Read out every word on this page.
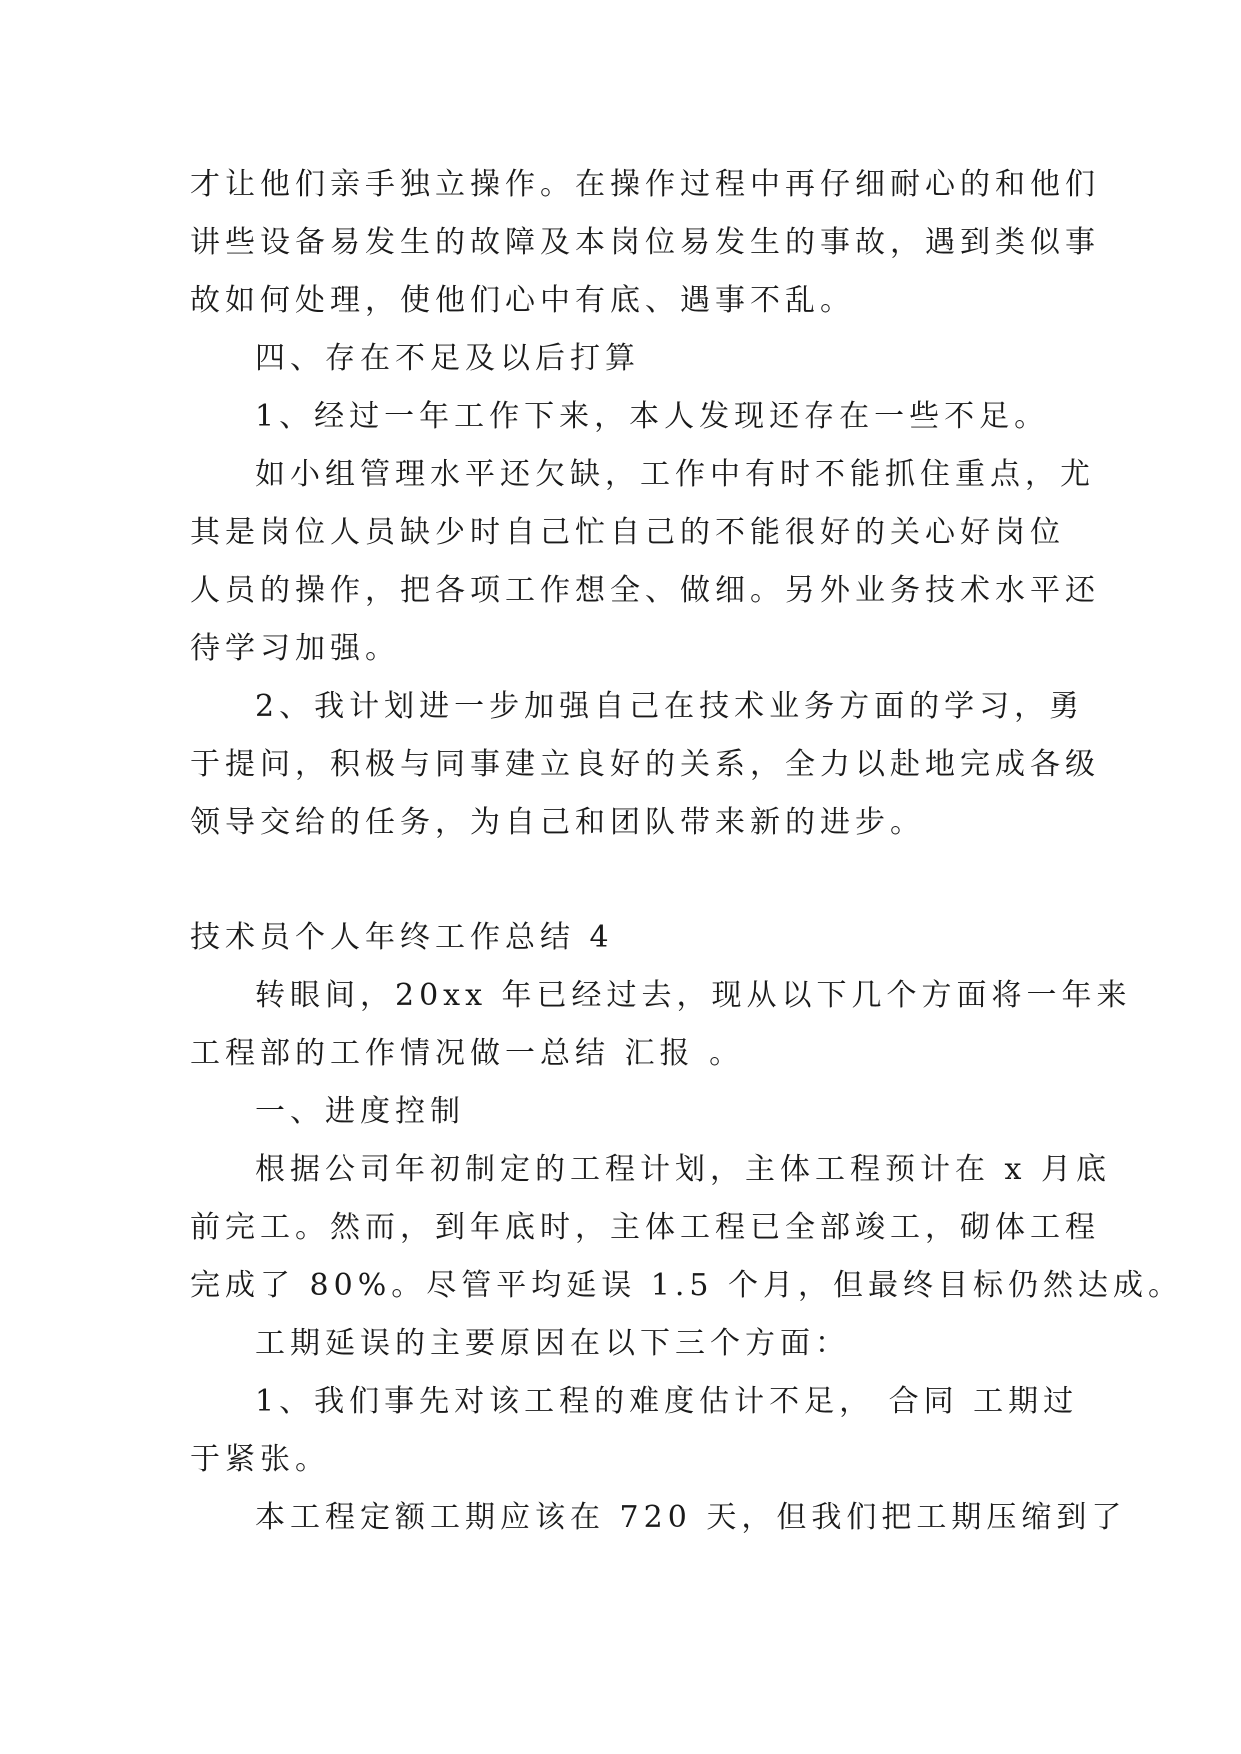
才让他们亲手独立操作。在操作过程中再仔细耐心的和他们
讲些设备易发生的故障及本岗位易发生的事故，遇到类似事
故如何处理，使他们心中有底、遇事不乱。
四、存在不足及以后打算
1、经过一年工作下来，本人发现还存在一些不足。
如小组管理水平还欠缺，工作中有时不能抓住重点，尤
其是岗位人员缺少时自己忙自己的不能很好的关心好岗位
人员的操作，把各项工作想全、做细。另外业务技术水平还
待学习加强。
2、我计划进一步加强自己在技术业务方面的学习，勇
于提问，积极与同事建立良好的关系，全力以赴地完成各级
领导交给的任务，为自己和团队带来新的进步。
技术员个人年终工作总结 4
转眼间，20xx 年已经过去，现从以下几个方面将一年来
工程部的工作情况做一总结 汇报 。
一、进度控制
根据公司年初制定的工程计划，主体工程预计在 x 月底
前完工。然而，到年底时，主体工程已全部竣工，砌体工程
完成了 80%。尽管平均延误 1.5 个月，但最终目标仍然达成。
工期延误的主要原因在以下三个方面：
1、我们事先对该工程的难度估计不足， 合同 工期过
于紧张。
本工程定额工期应该在 720 天，但我们把工期压缩到了
